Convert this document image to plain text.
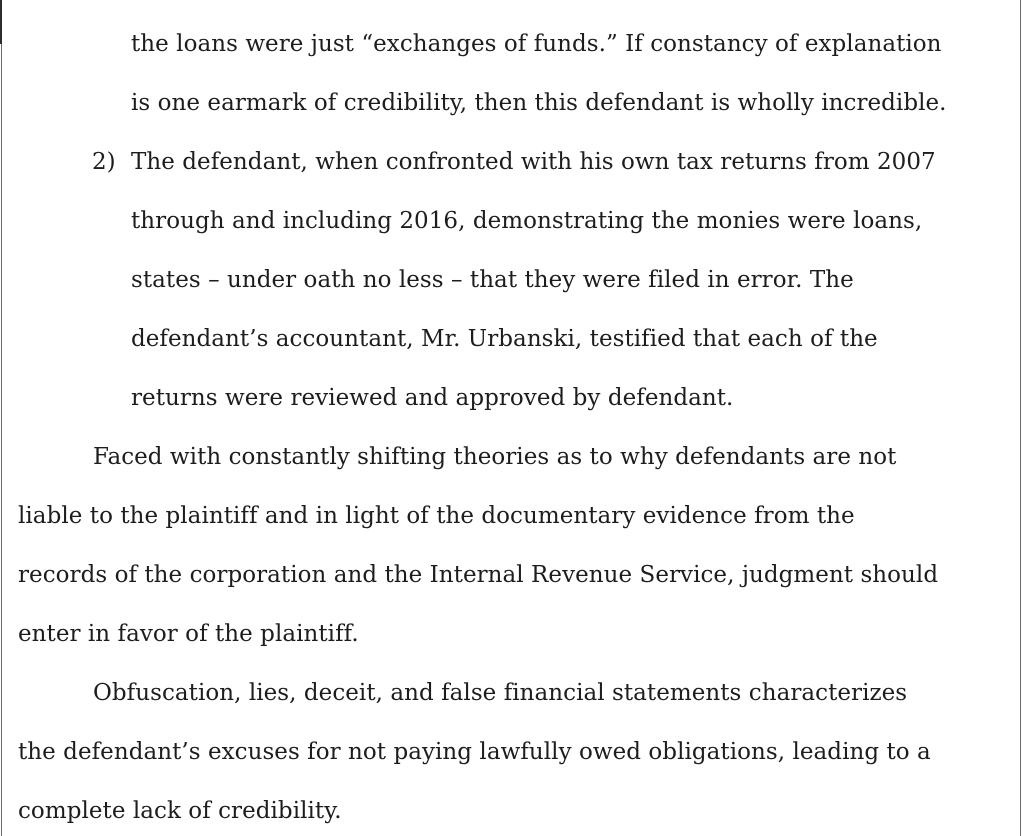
the loans were just “exchanges of funds.” If constancy of explanation
is one earmark of credibility, then this defendant is wholly incredible.
2) The defendant, when confronted with his own tax returns from 2007
through and including 2016, demonstrating the monies were loans,
states – under oath no less – that they were filed in error. The
defendant’s accountant, Mr. Urbanski, testified that each of the
returns were reviewed and approved by defendant.
Faced with constantly shifting theories as to why defendants are not
liable to the plaintiff and in light of the documentary evidence from the
records of the corporation and the Internal Revenue Service, judgment should
enter in favor of the plaintiff.
Obfuscation, lies, deceit, and false financial statements characterizes
the defendant’s excuses for not paying lawfully owed obligations, leading to a
complete lack of credibility.
